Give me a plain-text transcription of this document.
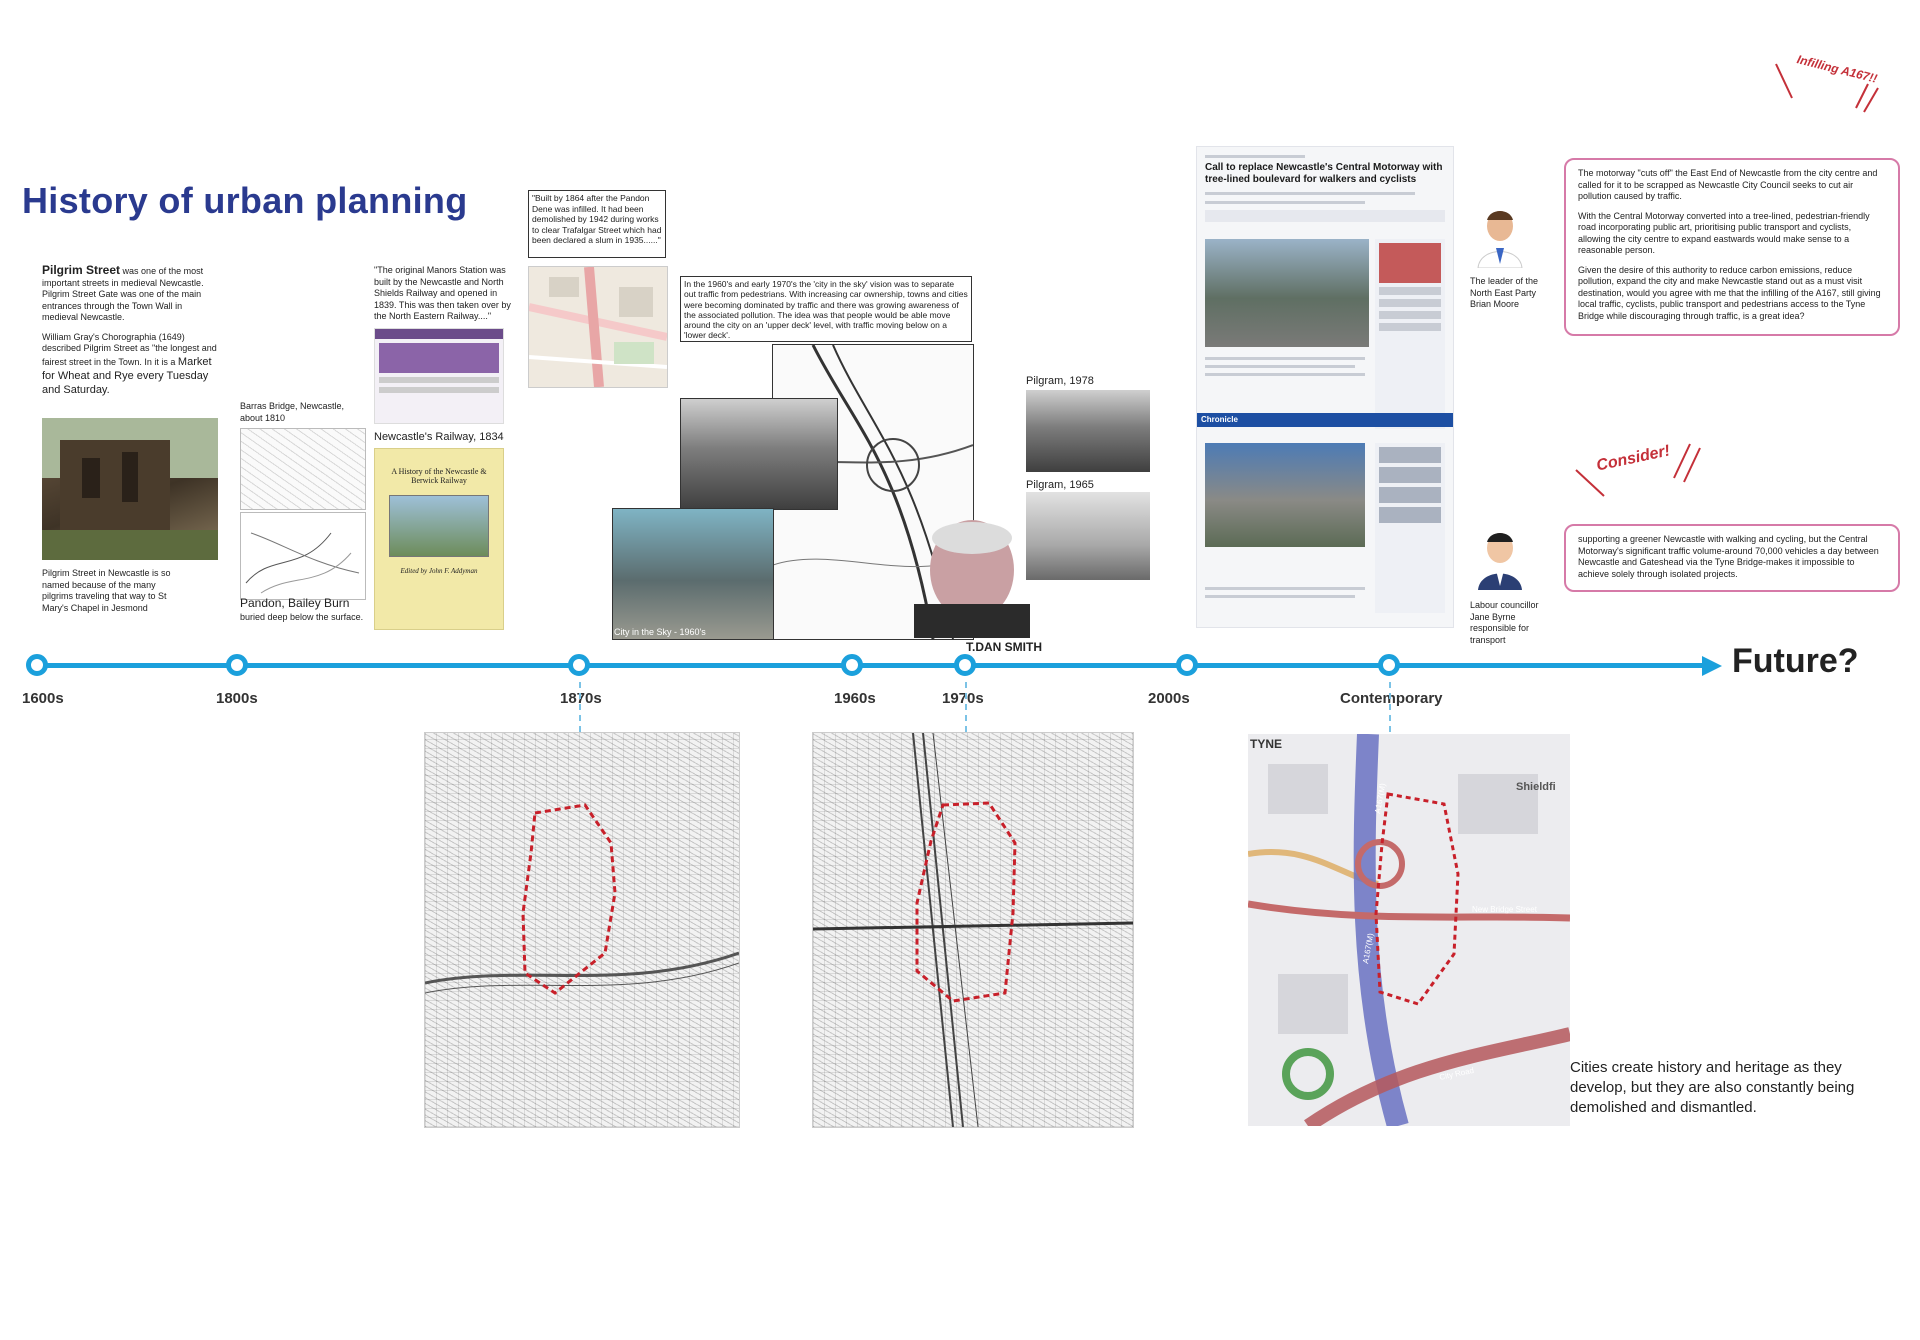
History of urban planning
Pilgrim Street was one of the most important streets in medieval Newcastle. Pilgrim Street Gate was one of the main entrances through the Town Wall in medieval Newcastle.
William Gray's Chorographia (1649) described Pilgrim Street as "the longest and fairest street in the Town. In it is a Market for Wheat and Rye every Tuesday and Saturday.
Pilgrim Street in Newcastle is so named because of the many pilgrims traveling that way to St Mary's Chapel in Jesmond
Barras Bridge, Newcastle, about 1810
Pandon, Bailey Burn
buried deep below the surface.
"The original Manors Station was built by the Newcastle and North Shields Railway and opened in 1839. This was then taken over by the North Eastern Railway...."
Newcastle's Railway, 1834
A History of the Newcastle & Berwick Railway
Edited by John F. Addyman
"Built by 1864 after the Pandon Dene was infilled. It had been demolished by 1942 during works to clear Trafalgar Street which had been declared a slum in 1935......"
In the 1960's and early 1970's the 'city in the sky' vision was to separate out traffic from pedestrians. With increasing car ownership, towns and cities were becoming dominated by traffic and there was growing awareness of the associated pollution. The idea was that people would be able move around the city on an 'upper deck' level, with traffic moving below on a 'lower deck'.
City in the Sky - 1960's
T.DAN SMITH
Pilgram, 1978
Pilgram, 1965
Call to replace Newcastle's Central Motorway with tree-lined boulevard for walkers and cyclists
Chronicle
The leader of the North East Party Brian Moore

The motorway "cuts off" the East End of Newcastle from the city centre and called for it to be scrapped as Newcastle City Council seeks to cut air pollution caused by traffic.

With the Central Motorway converted into a tree-lined, pedestrian-friendly road incorporating public art, prioritising public transport and cyclists, allowing the city centre to expand eastwards would make sense to a reasonable person.

Given the desire of this authority to reduce carbon emissions, reduce pollution, expand the city and make Newcastle stand out as a must visit destination, would you agree with me that the infilling of the A167, still giving local traffic, cyclists, public transport and pedestrians access to the Tyne Bridge while discouraging through traffic, is a great idea?

Infilling A167!!
Labour councillor Jane Byrne responsible for transport
supporting a greener Newcastle with walking and cycling, but the Central Motorway's significant traffic volume-around 70,000 vehicles a day between Newcastle and Gateshead via the Tyne Bridge-makes it impossible to achieve solely through isolated projects.
Consider!
1600s	1800s	1870s	1960s	1970s	2000s	Contemporary
Future?
TYNE
Shieldfi
A167(M)
A167(M)
New Bridge Street
City Road	Cities create history and heritage as they develop, but they are also constantly being demolished and dismantled.
